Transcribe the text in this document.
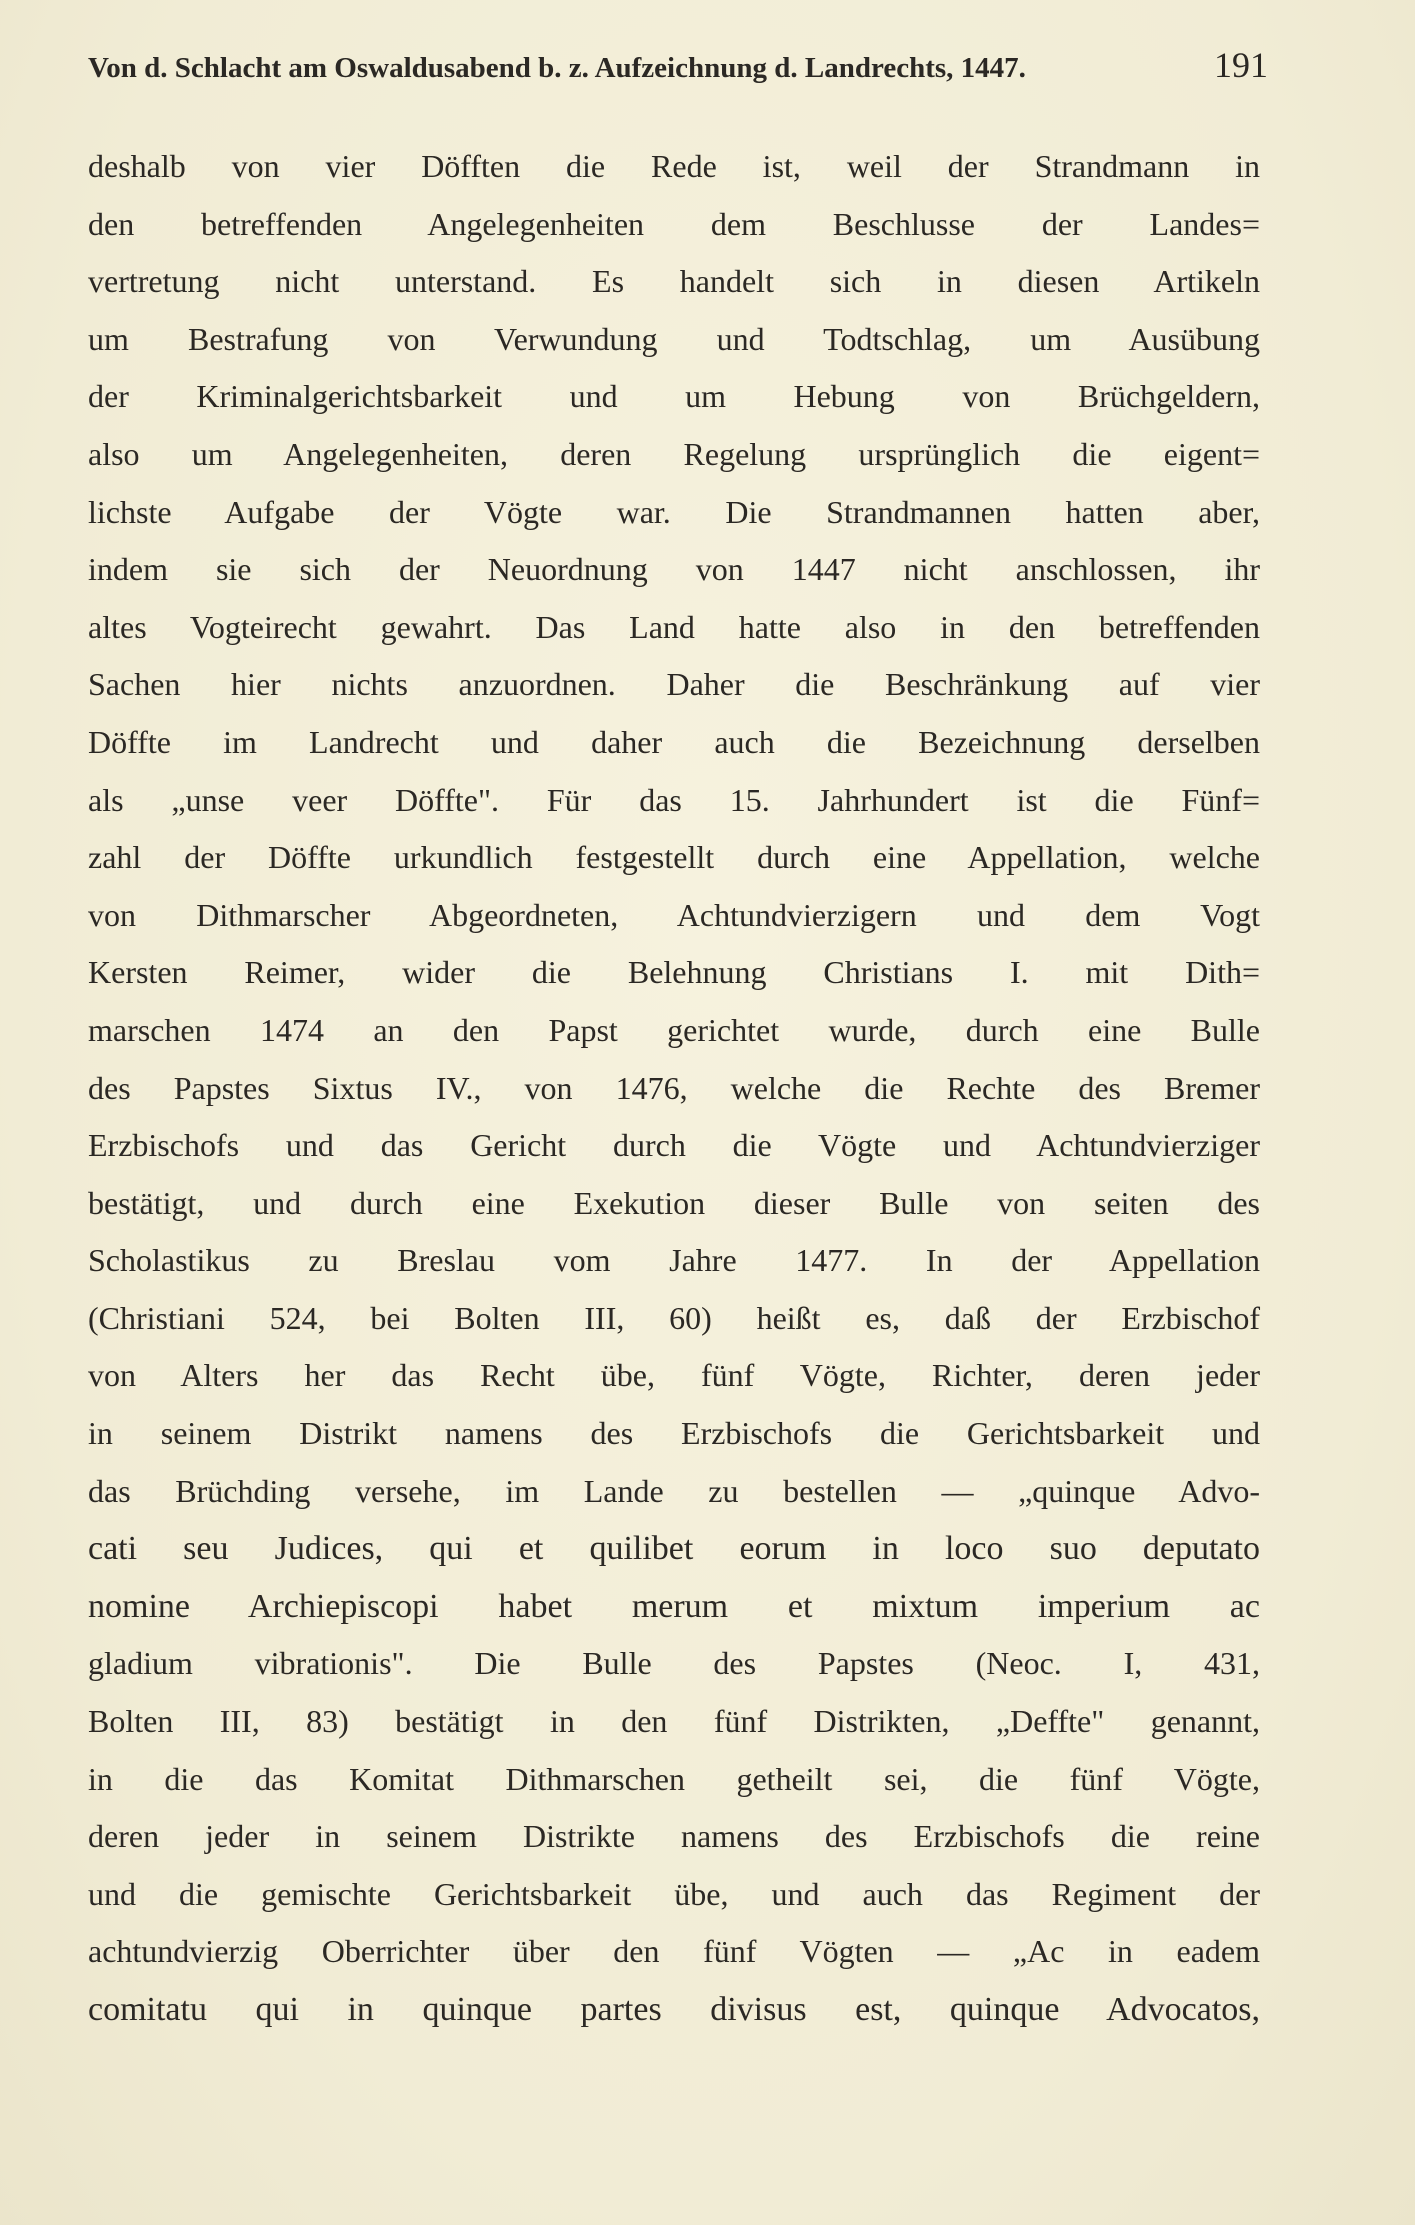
Von d. Schlacht am Oswaldusabend b. z. Aufzeichnung d. Landrechts, 1447.	191
deshalb von vier Döfften die Rede ist, weil der Strandmann in
den betreffenden Angelegenheiten dem Beschlusse der Landes=
vertretung nicht unterstand. Es handelt sich in diesen Artikeln
um Bestrafung von Verwundung und Todtschlag, um Ausübung
der Kriminalgerichtsbarkeit und um Hebung von Brüchgeldern,
also um Angelegenheiten, deren Regelung ursprünglich die eigent=
lichste Aufgabe der Vögte war. Die Strandmannen hatten aber,
indem sie sich der Neuordnung von 1447 nicht anschlossen, ihr
altes Vogteirecht gewahrt. Das Land hatte also in den betreffenden
Sachen hier nichts anzuordnen. Daher die Beschränkung auf vier
Döffte im Landrecht und daher auch die Bezeichnung derselben
als „unse veer Döffte". Für das 15. Jahrhundert ist die Fünf=
zahl der Döffte urkundlich festgestellt durch eine Appellation, welche
von Dithmarscher Abgeordneten, Achtundvierzigern und dem Vogt
Kersten Reimer, wider die Belehnung Christians I. mit Dith=
marschen 1474 an den Papst gerichtet wurde, durch eine Bulle
des Papstes Sixtus IV., von 1476, welche die Rechte des Bremer
Erzbischofs und das Gericht durch die Vögte und Achtundvierziger
bestätigt, und durch eine Exekution dieser Bulle von seiten des
Scholastikus zu Breslau vom Jahre 1477. In der Appellation
(Christiani 524, bei Bolten III, 60) heißt es, daß der Erzbischof
von Alters her das Recht übe, fünf Vögte, Richter, deren jeder
in seinem Distrikt namens des Erzbischofs die Gerichtsbarkeit und
das Brüchding versehe, im Lande zu bestellen — „quinque Advo-
cati seu Judices, qui et quilibet eorum in loco suo deputato
nomine Archiepiscopi habet merum et mixtum imperium ac
gladium vibrationis". Die Bulle des Papstes (Neoc. I, 431,
Bolten III, 83) bestätigt in den fünf Distrikten, „Deffte" genannt,
in die das Komitat Dithmarschen getheilt sei, die fünf Vögte,
deren jeder in seinem Distrikte namens des Erzbischofs die reine
und die gemischte Gerichtsbarkeit übe, und auch das Regiment der
achtundvierzig Oberrichter über den fünf Vögten — „Ac in eadem
comitatu qui in quinque partes divisus est, quinque Advocatos,
